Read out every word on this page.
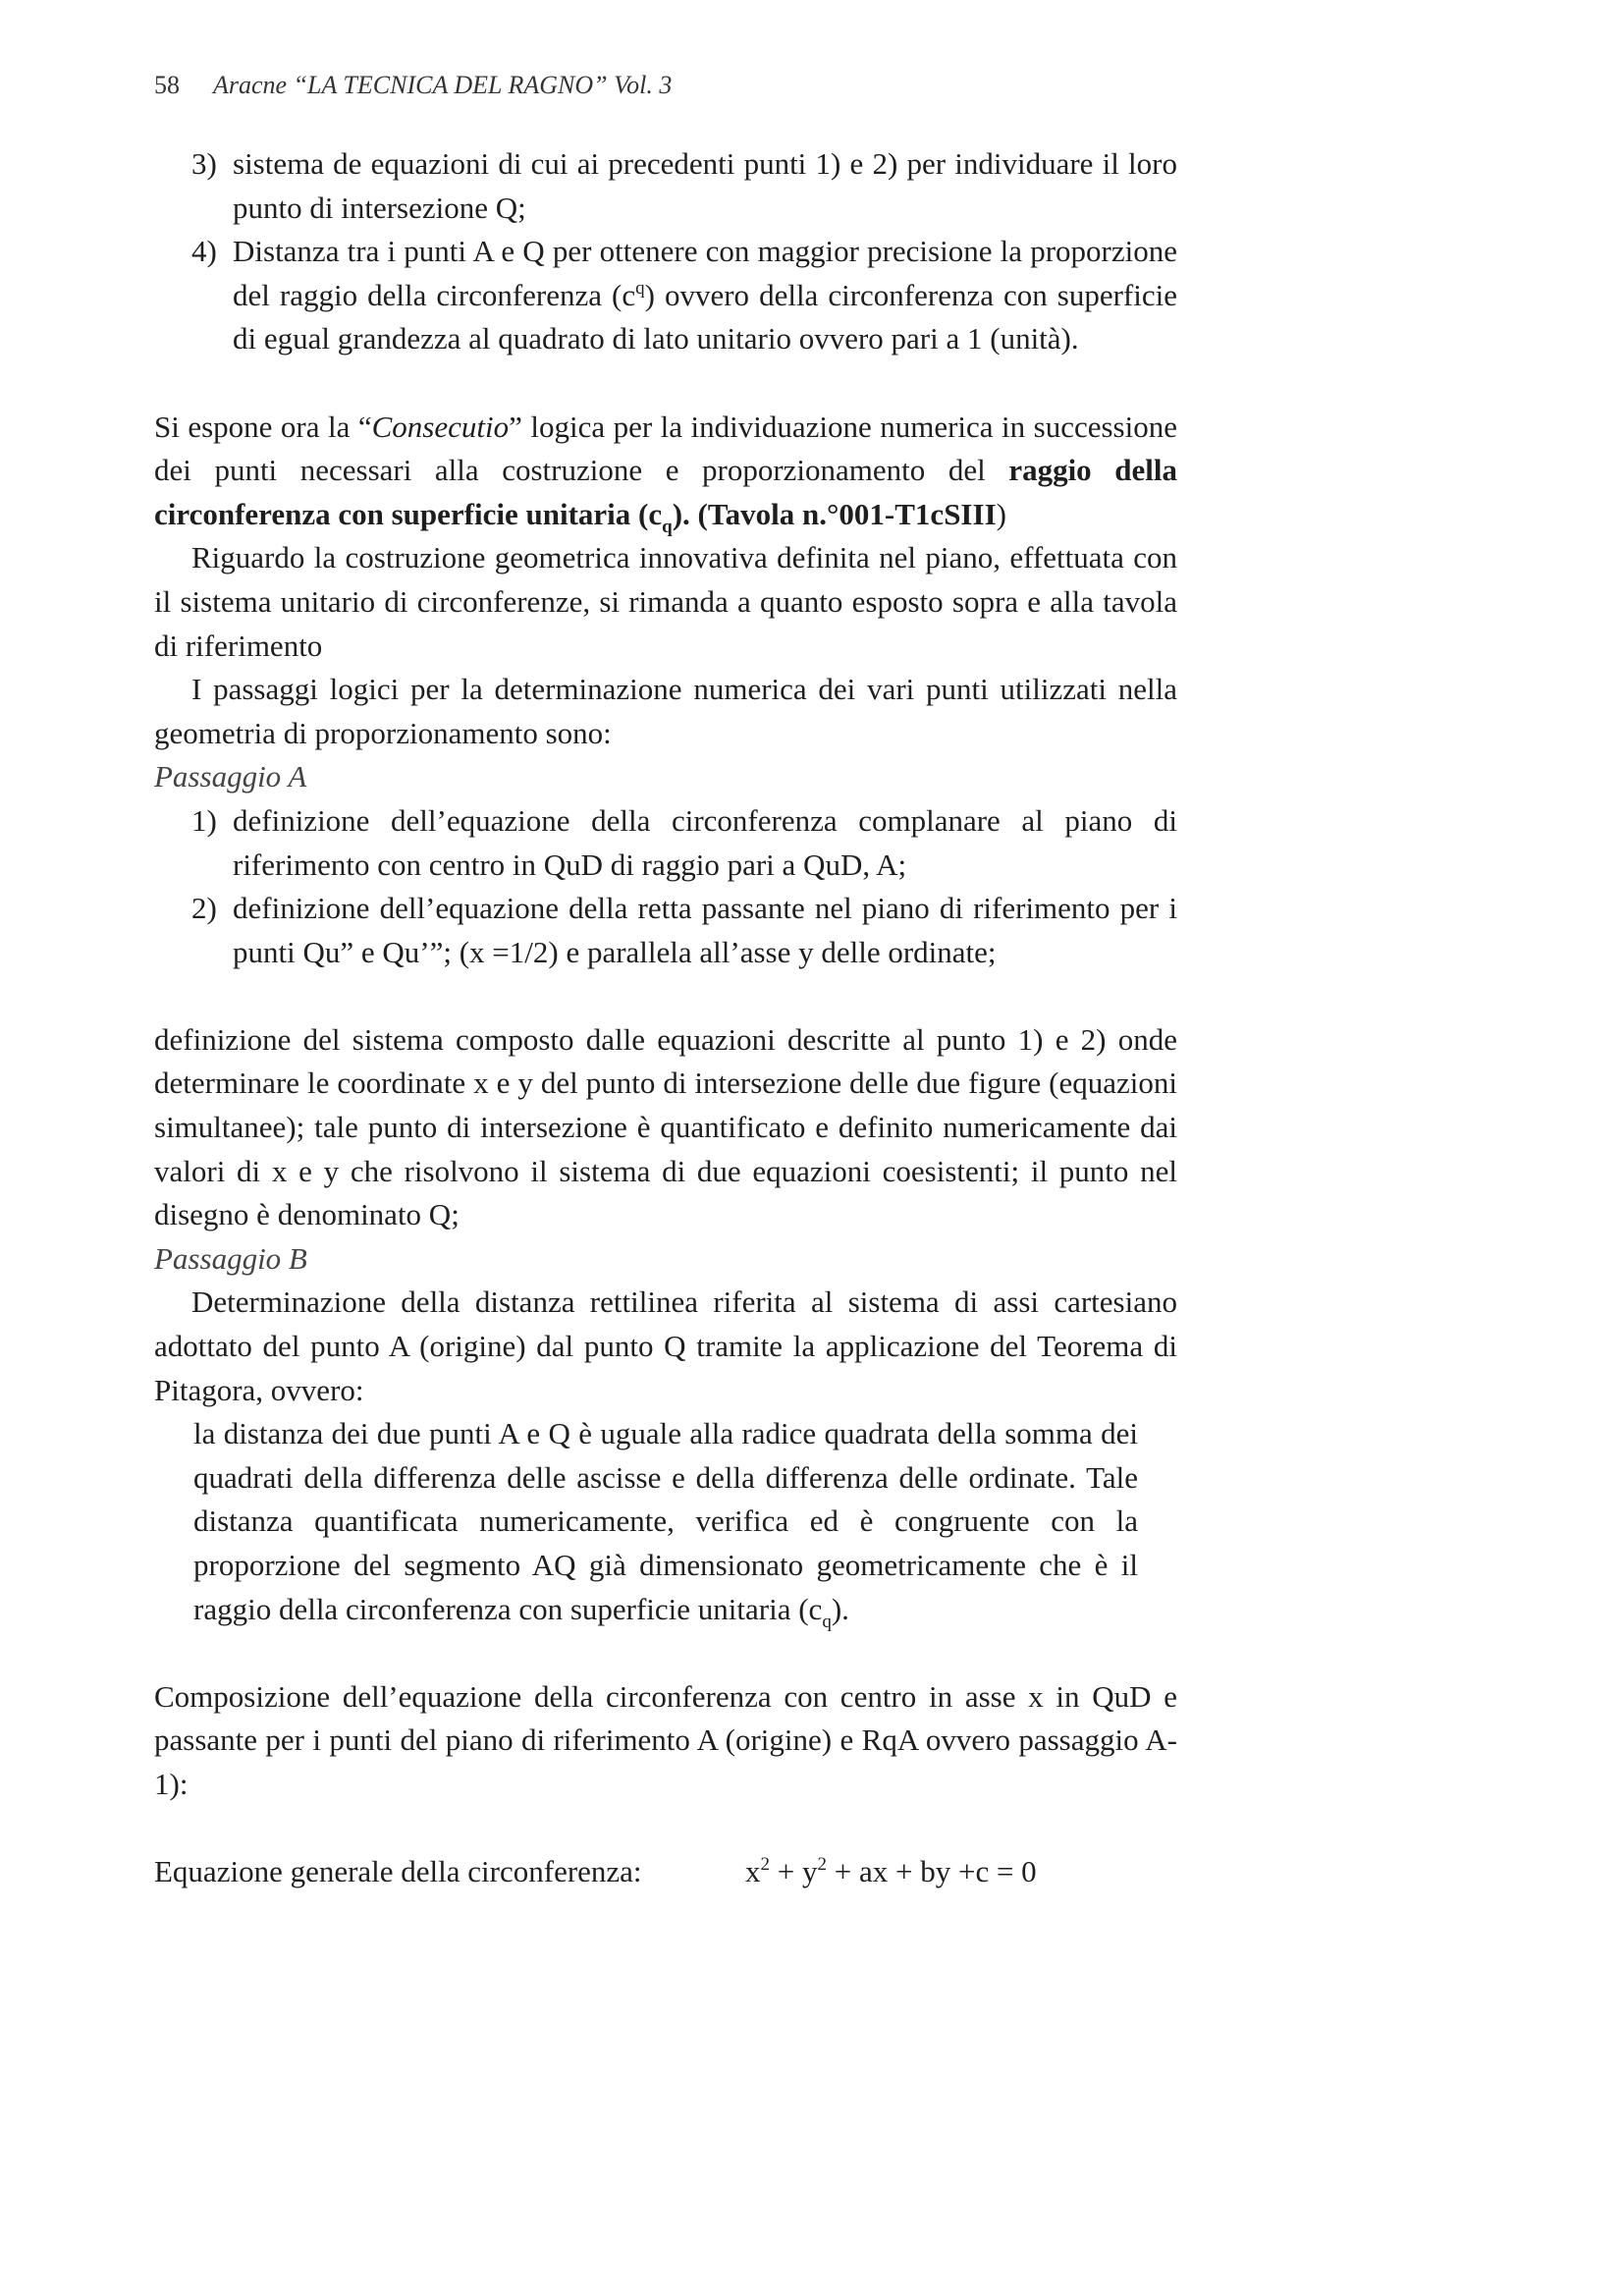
58 Aracne “LA TECNICA DEL RAGNO” Vol. 3
3) sistema de equazioni di cui ai precedenti punti 1) e 2) per individuare il loro punto di intersezione Q;
4) Distanza tra i punti A e Q per ottenere con maggior precisione la proporzione del raggio della circonferenza $(c^q)$ ovvero della circonferenza con superficie di egual grandezza al quadrato di lato unitario ovvero pari a 1 (unità).

Si espone ora la “Consecutio” logica per la individuazione numerica in successione dei punti necessari alla costruzione e proporzionamento del raggio della circonferenza con superficie unitaria $(c_q)$. (Tavola n.°001-T1cSIII)

Riguardo la costruzione geometrica innovativa definita nel piano, effettuata con il sistema unitario di circonferenze, si rimanda a quanto esposto sopra e alla tavola di riferimento

I passaggi logici per la determinazione numerica dei vari punti utilizzati nella geometria di proporzionamento sono:

Passaggio A

1) definizione dell’equazione della circonferenza complanare al piano di riferimento con centro in QuD di raggio pari a QuD, A;
2) definizione dell’equazione della retta passante nel piano di riferimento per i punti Qu” e Qu’”; (x =1/2) e parallela all’asse y delle ordinate;

definizione del sistema composto dalle equazioni descritte al punto 1) e 2) onde determinare le coordinate x e y del punto di intersezione delle due figure (equazioni simultanee); tale punto di intersezione è quantificato e definito numericamente dai valori di x e y che risolvono il sistema di due equazioni coesistenti; il punto nel disegno è denominato Q;

Passaggio B

Determinazione della distanza rettilinea riferita al sistema di assi cartesiano adottato del punto A (origine) dal punto Q tramite la applicazione del Teorema di Pitagora, ovvero:

la distanza dei due punti A e Q è uguale alla radice quadrata della somma dei quadrati della differenza delle ascisse e della differenza delle ordinate. Tale distanza quantificata numericamente, verifica ed è congruente con la proporzione del segmento AQ già dimensionato geometricamente che è il raggio della circonferenza con superficie unitaria $(c_q)$.

Composizione dell’equazione della circonferenza con centro in asse x in QuD e passante per i punti del piano di riferimento A (origine) e RqA ovvero passaggio A-1):

Equazione generale della circonferenza:	$x^2 + y^2$ + ax + by +c = 0
